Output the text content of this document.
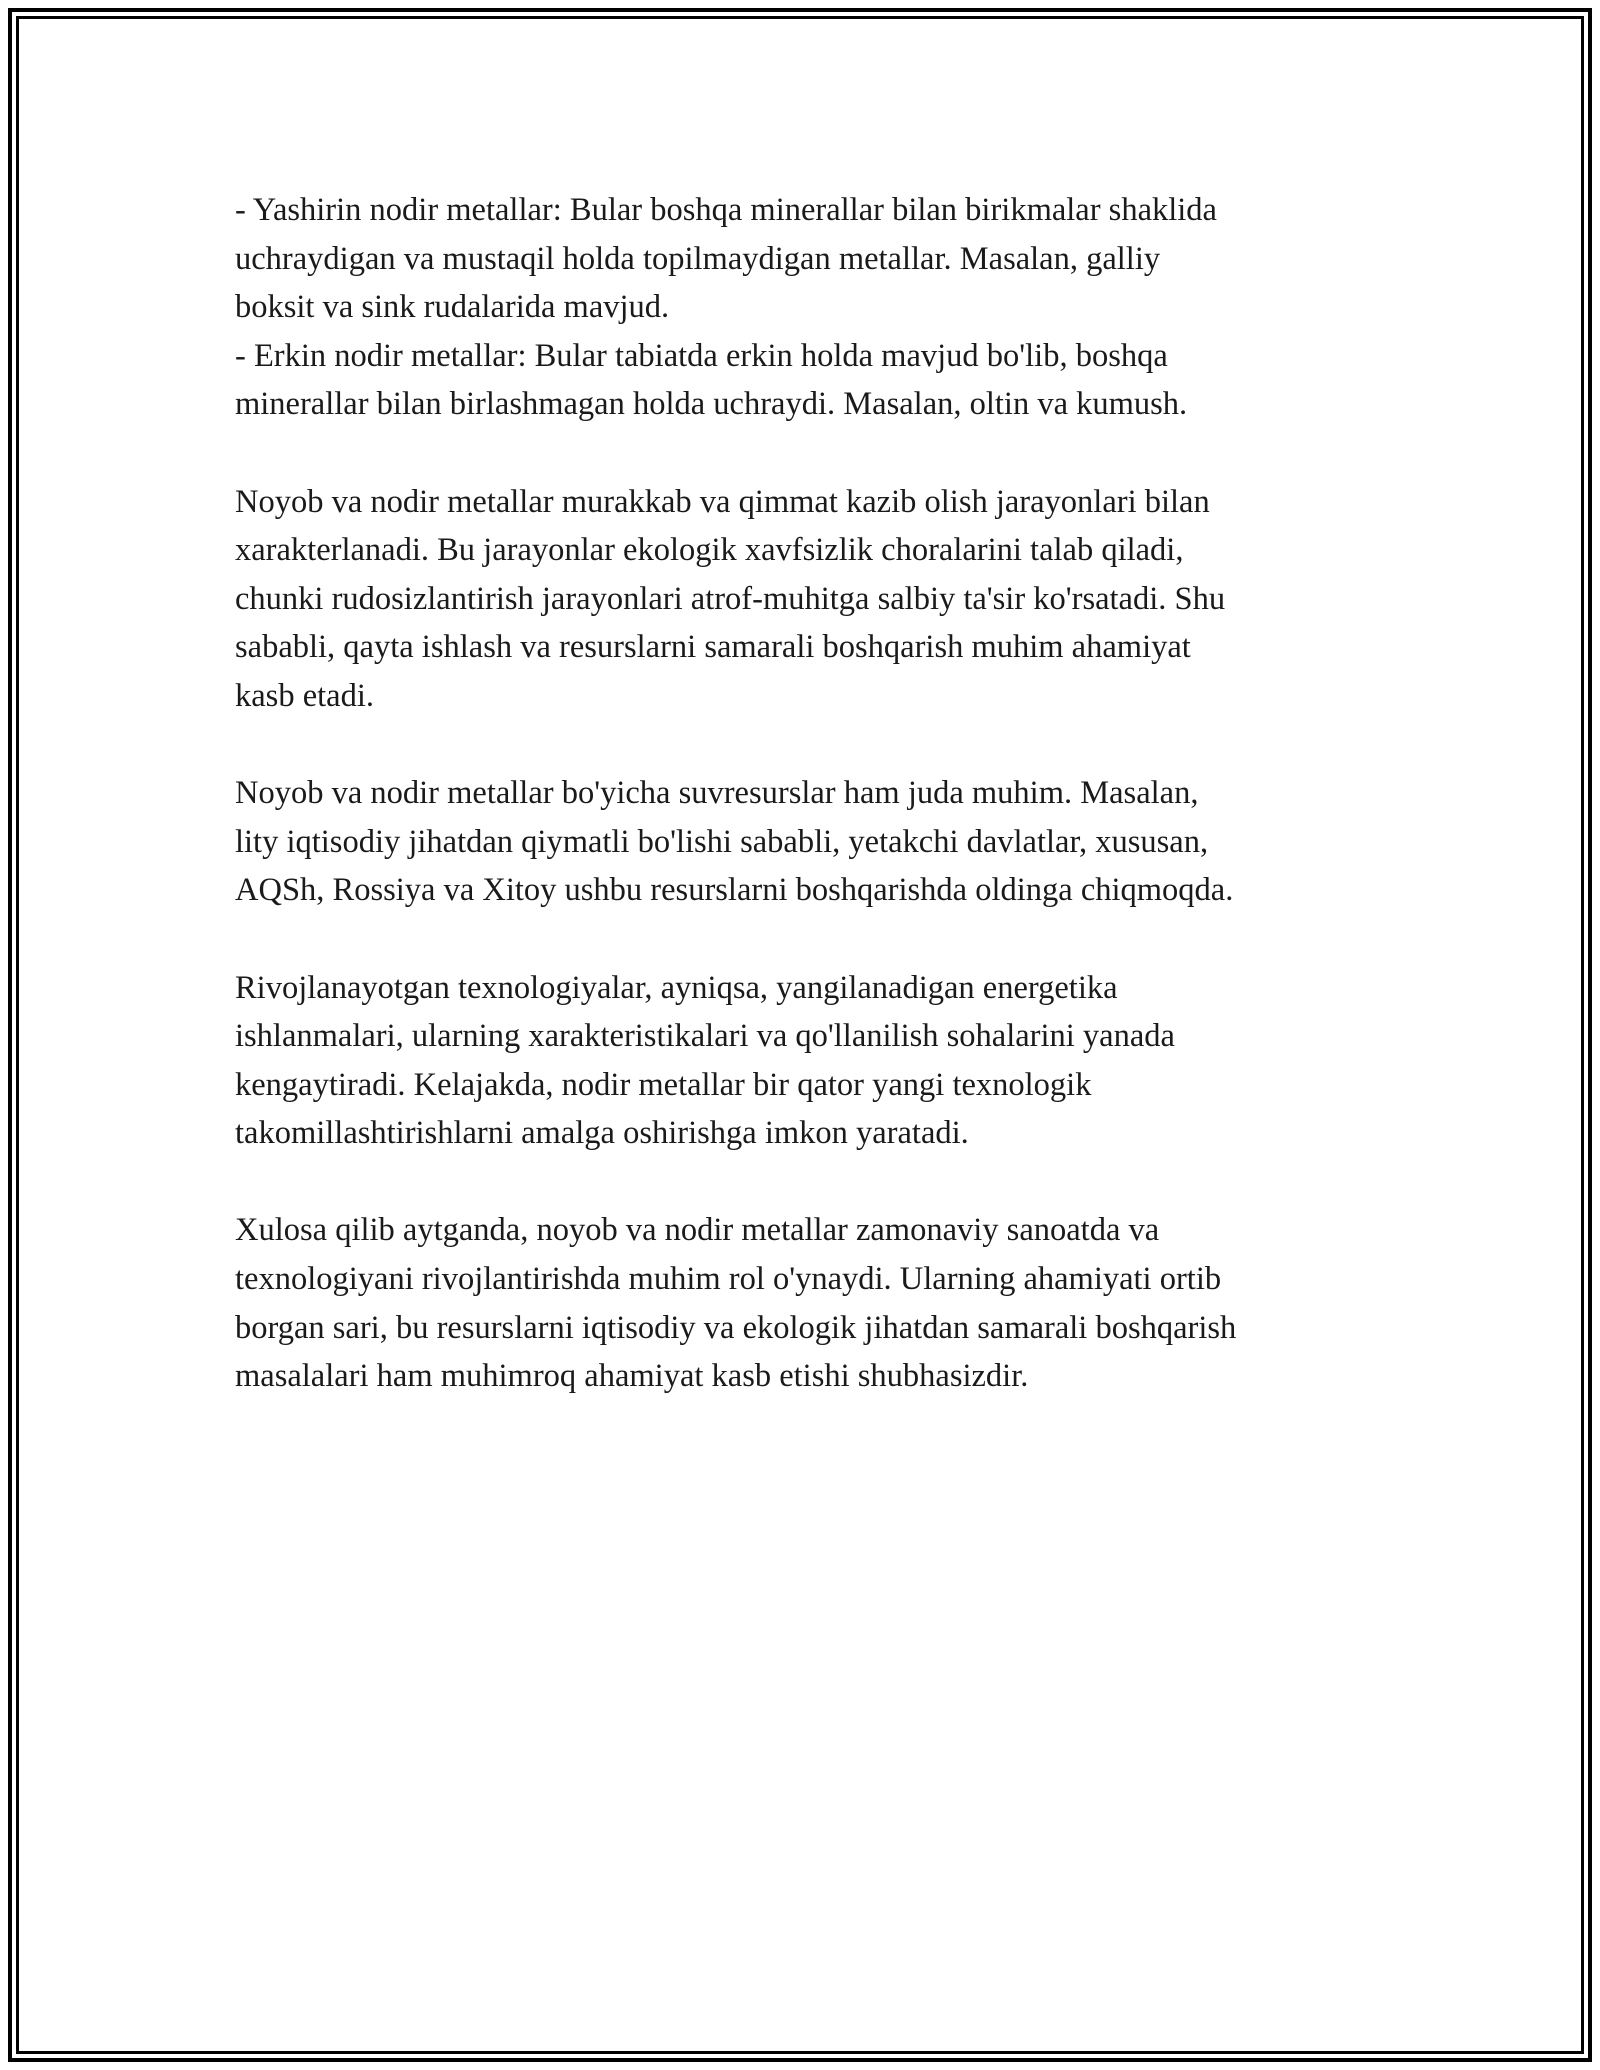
- Yashirin nodir metallar: Bular boshqa minerallar bilan birikmalar shaklida
uchraydigan va mustaqil holda topilmaydigan metallar. Masalan, galliy
boksit va sink rudalarida mavjud.
- Erkin nodir metallar: Bular tabiatda erkin holda mavjud bo'lib, boshqa
minerallar bilan birlashmagan holda uchraydi. Masalan, oltin va kumush.

Noyob va nodir metallar murakkab va qimmat kazib olish jarayonlari bilan
xarakterlanadi. Bu jarayonlar ekologik xavfsizlik choralarini talab qiladi,
chunki rudosizlantirish jarayonlari atrof-muhitga salbiy ta'sir ko'rsatadi. Shu
sababli, qayta ishlash va resurslarni samarali boshqarish muhim ahamiyat
kasb etadi.

Noyob va nodir metallar bo'yicha suvresurslar ham juda muhim. Masalan,
lity iqtisodiy jihatdan qiymatli bo'lishi sababli, yetakchi davlatlar, xususan,
AQSh, Rossiya va Xitoy ushbu resurslarni boshqarishda oldinga chiqmoqda.

Rivojlanayotgan texnologiyalar, ayniqsa, yangilanadigan energetika
ishlanmalari, ularning xarakteristikalari va qo'llanilish sohalarini yanada
kengaytiradi. Kelajakda, nodir metallar bir qator yangi texnologik
takomillashtirishlarni amalga oshirishga imkon yaratadi.

Xulosa qilib aytganda, noyob va nodir metallar zamonaviy sanoatda va
texnologiyani rivojlantirishda muhim rol o'ynaydi. Ularning ahamiyati ortib
borgan sari, bu resurslarni iqtisodiy va ekologik jihatdan samarali boshqarish
masalalari ham muhimroq ahamiyat kasb etishi shubhasizdir.
